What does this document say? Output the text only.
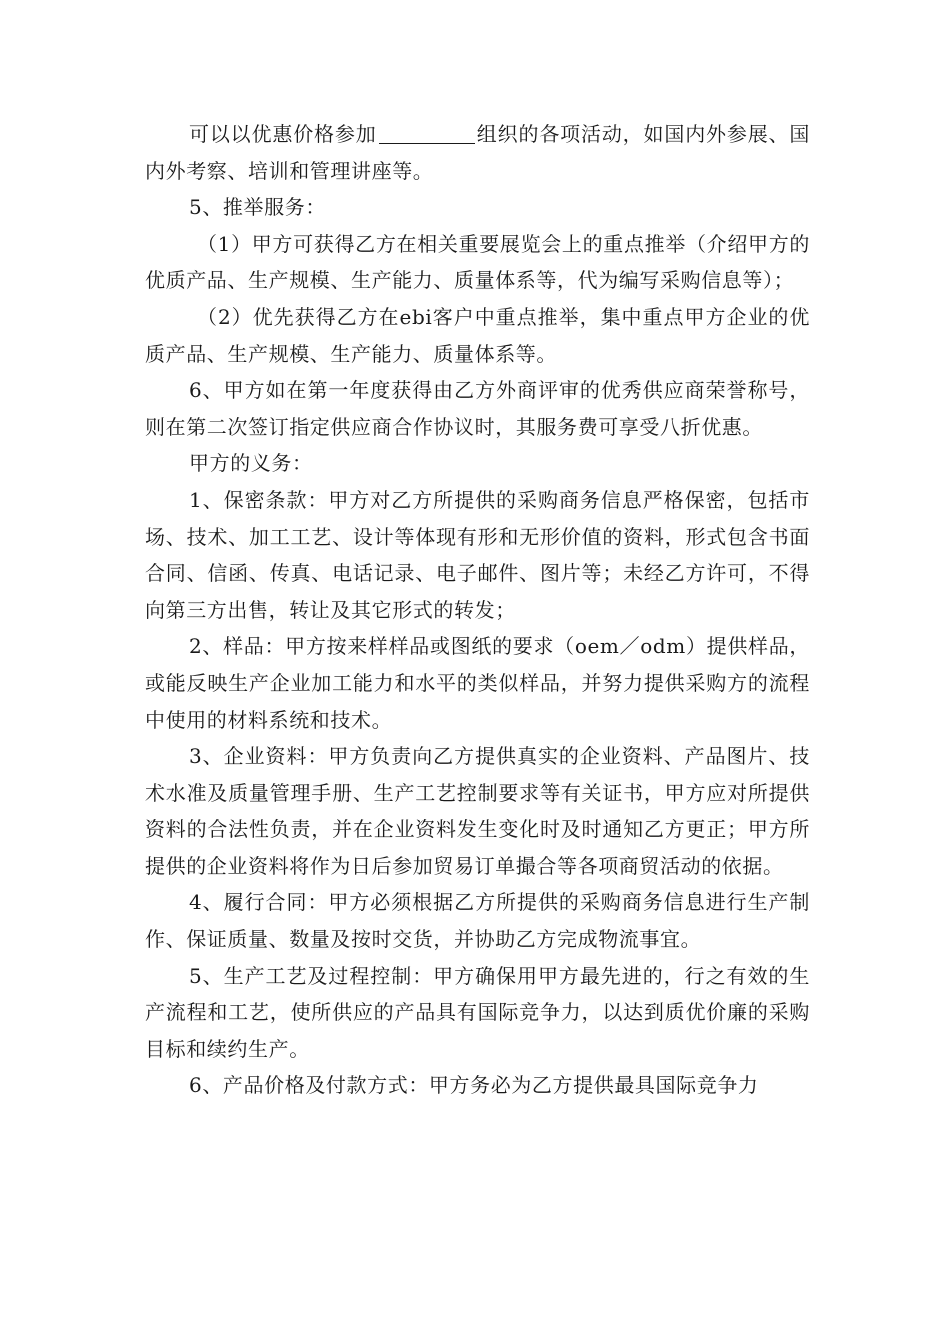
可以以优惠价格参加	组织的各项活动，如国内外参展、国内外考察、培训和管理讲座等。

5、推举服务：

（1）甲方可获得乙方在相关重要展览会上的重点推举（介绍甲方的优质产品、生产规模、生产能力、质量体系等，代为编写采购信息等）；

（2）优先获得乙方在ebi客户中重点推举，集中重点甲方企业的优质产品、生产规模、生产能力、质量体系等。

6、甲方如在第一年度获得由乙方外商评审的优秀供应商荣誉称号，则在第二次签订指定供应商合作协议时，其服务费可享受八折优惠。

甲方的义务：

1、保密条款：甲方对乙方所提供的采购商务信息严格保密，包括市场、技术、加工工艺、设计等体现有形和无形价值的资料，形式包含书面合同、信函、传真、电话记录、电子邮件、图片等；未经乙方许可，不得向第三方出售，转让及其它形式的转发；

2、样品：甲方按来样样品或图纸的要求（oem／odm）提供样品，或能反映生产企业加工能力和水平的类似样品，并努力提供采购方的流程中使用的材料系统和技术。

3、企业资料：甲方负责向乙方提供真实的企业资料、产品图片、技术水准及质量管理手册、生产工艺控制要求等有关证书，甲方应对所提供资料的合法性负责，并在企业资料发生变化时及时通知乙方更正；甲方所提供的企业资料将作为日后参加贸易订单撮合等各项商贸活动的依据。

4、履行合同：甲方必须根据乙方所提供的采购商务信息进行生产制作、保证质量、数量及按时交货，并协助乙方完成物流事宜。

5、生产工艺及过程控制：甲方确保用甲方最先进的，行之有效的生产流程和工艺，使所供应的产品具有国际竞争力，以达到质优价廉的采购目标和续约生产。

6、产品价格及付款方式：甲方务必为乙方提供最具国际竞争力
